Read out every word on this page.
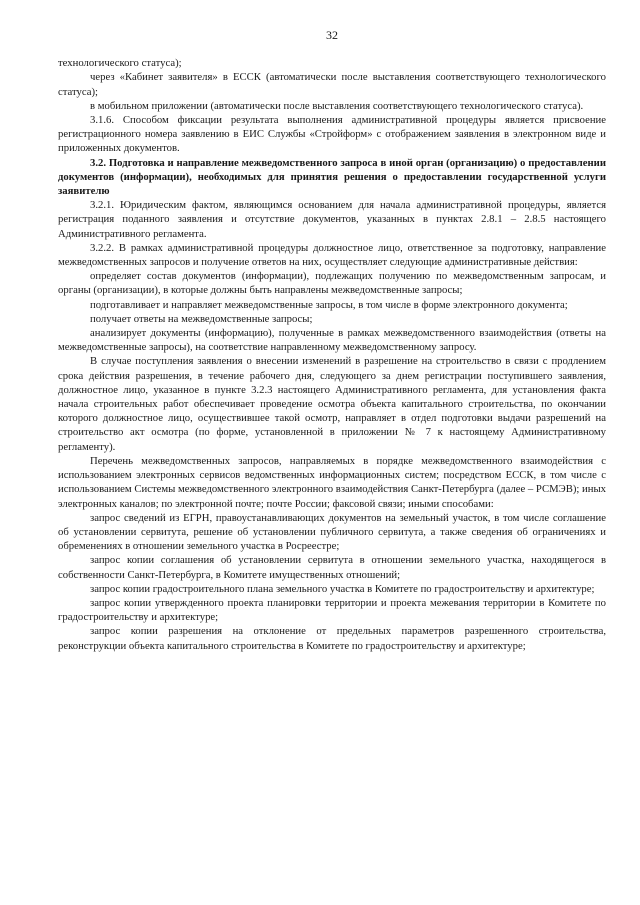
32

технологического статуса);

через «Кабинет заявителя» в ЕССК (автоматически после выставления соответствующего технологического статуса);

в мобильном приложении (автоматически после выставления соответствующего технологического статуса).

3.1.6. Способом фиксации результата выполнения административной процедуры является присвоение регистрационного номера заявлению в ЕИС Службы «Стройформ» с отображением заявления в электронном виде и приложенных документов.

3.2. Подготовка и направление межведомственного запроса в иной орган (организацию) о предоставлении документов (информации), необходимых для принятия решения о предоставлении государственной услуги заявителю

3.2.1. Юридическим фактом, являющимся основанием для начала административной процедуры, является регистрация поданного заявления и отсутствие документов, указанных в пунктах 2.8.1 – 2.8.5 настоящего Административного регламента.

3.2.2. В рамках административной процедуры должностное лицо, ответственное за подготовку, направление межведомственных запросов и получение ответов на них, осуществляет следующие административные действия:

определяет состав документов (информации), подлежащих получению по межведомственным запросам, и органы (организации), в которые должны быть направлены межведомственные запросы;

подготавливает и направляет межведомственные запросы, в том числе в форме электронного документа;

получает ответы на межведомственные запросы;

анализирует документы (информацию), полученные в рамках межведомственного взаимодействия (ответы на межведомственные запросы), на соответствие направленному межведомственному запросу.

В случае поступления заявления о внесении изменений в разрешение на строительство в связи с продлением срока действия разрешения, в течение рабочего дня, следующего за днем регистрации поступившего заявления, должностное лицо, указанное в пункте 3.2.3 настоящего Административного регламента, для установления факта начала строительных работ обеспечивает проведение осмотра объекта капитального строительства, по окончании которого должностное лицо, осуществившее такой осмотр, направляет в отдел подготовки выдачи разрешений на строительство акт осмотра (по форме, установленной в приложении № 7 к настоящему Административному регламенту).

Перечень межведомственных запросов, направляемых в порядке межведомственного взаимодействия с использованием электронных сервисов ведомственных информационных систем; посредством ЕССК, в том числе с использованием Системы межведомственного электронного взаимодействия Санкт-Петербурга (далее – РСМЭВ); иных электронных каналов; по электронной почте; почте России; факсовой связи; иными способами:

запрос сведений из ЕГРН, правоустанавливающих документов на земельный участок, в том числе соглашение об установлении сервитута, решение об установлении публичного сервитута, а также сведения об ограничениях и обременениях в отношении земельного участка в Росреестре;

запрос копии соглашения об установлении сервитута в отношении земельного участка, находящегося в собственности Санкт-Петербурга, в Комитете имущественных отношений;

запрос копии градостроительного плана земельного участка в Комитете по градостроительству и архитектуре;

запрос копии утвержденного проекта планировки территории и проекта межевания территории в Комитете по градостроительству и архитектуре;

запрос копии разрешения на отклонение от предельных параметров разрешенного строительства, реконструкции объекта капитального строительства в Комитете по градостроительству и архитектуре;
